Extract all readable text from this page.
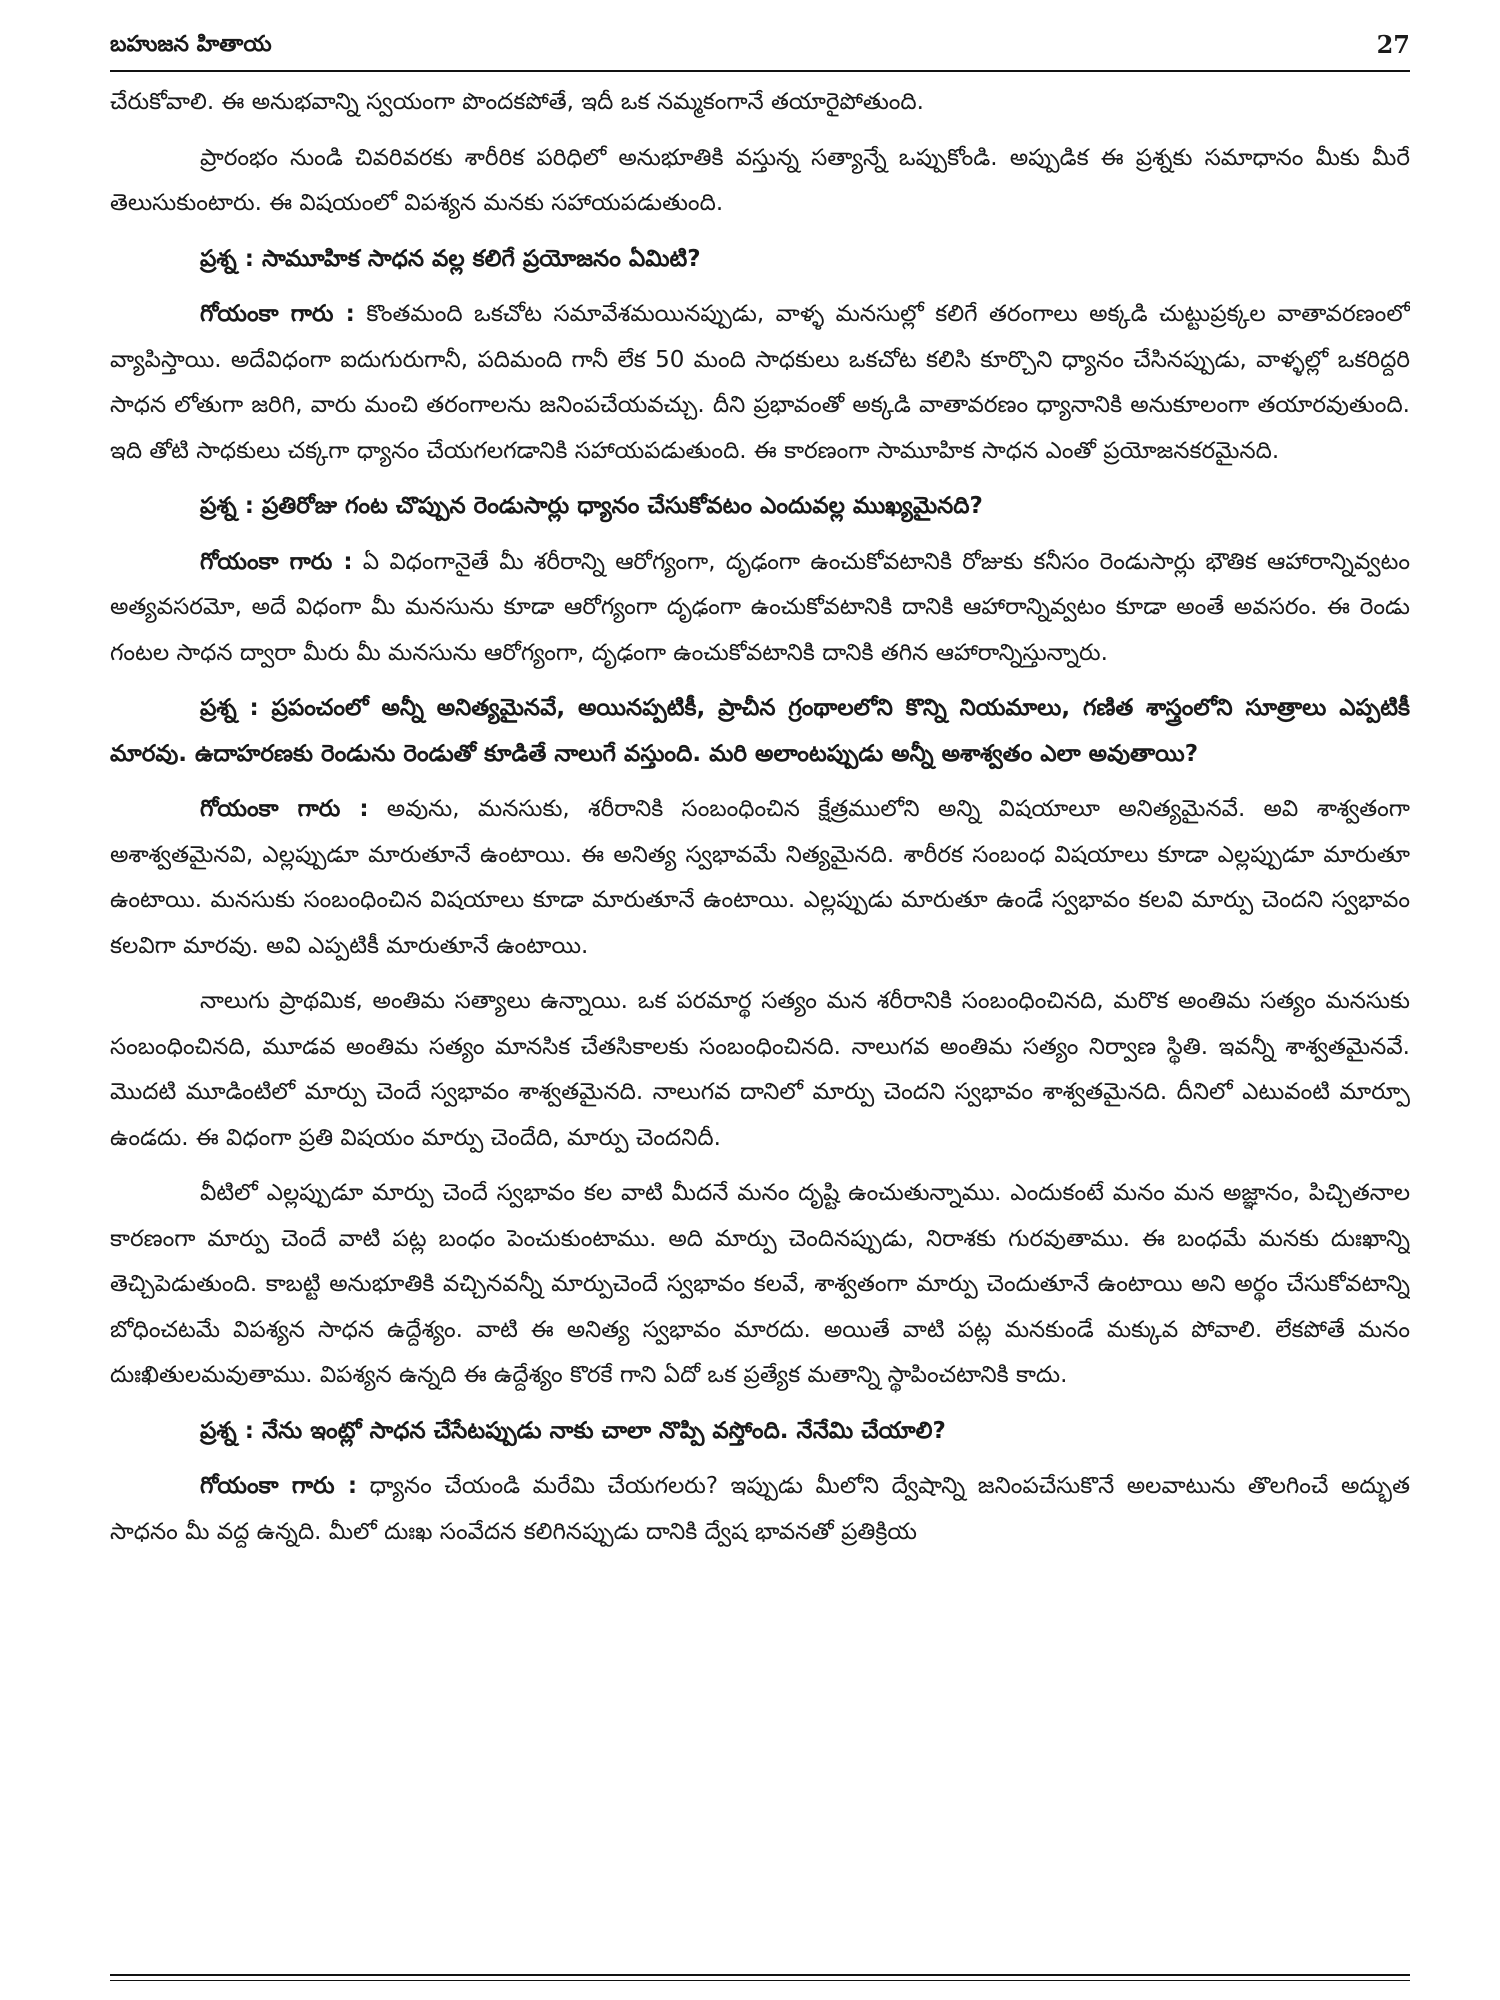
బహుజన హితాయ	27

చేరుకోవాలి. ఈ అనుభవాన్ని స్వయంగా పొందకపోతే, ఇదీ ఒక నమ్మకంగానే తయారైపోతుంది.

ప్రారంభం నుండి చివరివరకు శారీరిక పరిధిలో అనుభూతికి వస్తున్న సత్యాన్నే ఒప్పుకోండి. అప్పుడిక ఈ ప్రశ్నకు సమాధానం మీకు మీరే తెలుసుకుంటారు. ఈ విషయంలో విపశ్యన మనకు సహాయపడుతుంది.

ప్రశ్న : సామూహిక సాధన వల్ల కలిగే ప్రయోజనం ఏమిటి?

గోయంకా గారు : కొంతమంది ఒకచోట సమావేశమయినప్పుడు, వాళ్ళ మనసుల్లో కలిగే తరంగాలు అక్కడి చుట్టుప్రక్కల వాతావరణంలో వ్యాపిస్తాయి. అదేవిధంగా ఐదుగురుగానీ, పదిమంది గానీ లేక 50 మంది సాధకులు ఒకచోట కలిసి కూర్చొని ధ్యానం చేసినప్పుడు, వాళ్ళల్లో ఒకరిద్దరి సాధన లోతుగా జరిగి, వారు మంచి తరంగాలను జనింపచేయవచ్చు. దీని ప్రభావంతో అక్కడి వాతావరణం ధ్యానానికి అనుకూలంగా తయారవుతుంది. ఇది తోటి సాధకులు చక్కగా ధ్యానం చేయగలగడానికి సహాయపడుతుంది. ఈ కారణంగా సామూహిక సాధన ఎంతో ప్రయోజనకరమైనది.

ప్రశ్న : ప్రతిరోజు గంట చొప్పున రెండుసార్లు ధ్యానం చేసుకోవటం ఎందువల్ల ముఖ్యమైనది?

గోయంకా గారు : ఏ విధంగానైతే మీ శరీరాన్ని ఆరోగ్యంగా, దృఢంగా ఉంచుకోవటానికి రోజుకు కనీసం రెండుసార్లు భౌతిక ఆహారాన్నివ్వటం అత్యవసరమో, అదే విధంగా మీ మనసును కూడా ఆరోగ్యంగా దృఢంగా ఉంచుకోవటానికి దానికి ఆహారాన్నివ్వటం కూడా అంతే అవసరం. ఈ రెండు గంటల సాధన ద్వారా మీరు మీ మనసును ఆరోగ్యంగా, దృఢంగా ఉంచుకోవటానికి దానికి తగిన ఆహారాన్నిస్తున్నారు.

ప్రశ్న : ప్రపంచంలో అన్నీ అనిత్యమైనవే, అయినప్పటికీ, ప్రాచీన గ్రంథాలలోని కొన్ని నియమాలు, గణిత శాస్త్రంలోని సూత్రాలు ఎప్పటికీ మారవు. ఉదాహరణకు రెండును రెండుతో కూడితే నాలుగే వస్తుంది. మరి అలాంటప్పుడు అన్నీ అశాశ్వతం ఎలా అవుతాయి?

గోయంకా గారు : అవును, మనసుకు, శరీరానికి సంబంధించిన క్షేత్రములోని అన్ని విషయాలూ అనిత్యమైనవే. అవి శాశ్వతంగా అశాశ్వతమైనవి, ఎల్లప్పుడూ మారుతూనే ఉంటాయి. ఈ అనిత్య స్వభావమే నిత్యమైనది. శారీరక సంబంధ విషయాలు కూడా ఎల్లప్పుడూ మారుతూ ఉంటాయి. మనసుకు సంబంధించిన విషయాలు కూడా మారుతూనే ఉంటాయి. ఎల్లప్పుడు మారుతూ ఉండే స్వభావం కలవి మార్పు చెందని స్వభావం కలవిగా మారవు. అవి ఎప్పటికీ మారుతూనే ఉంటాయి.

నాలుగు ప్రాథమిక, అంతిమ సత్యాలు ఉన్నాయి. ఒక పరమార్థ సత్యం మన శరీరానికి సంబంధించినది, మరొక అంతిమ సత్యం మనసుకు సంబంధించినది, మూడవ అంతిమ సత్యం మానసిక చేతసికాలకు సంబంధించినది. నాలుగవ అంతిమ సత్యం నిర్వాణ స్థితి. ఇవన్నీ శాశ్వతమైనవే. మొదటి మూడింటిలో మార్పు చెందే స్వభావం శాశ్వతమైనది. నాలుగవ దానిలో మార్పు చెందని స్వభావం శాశ్వతమైనది. దీనిలో ఎటువంటి మార్పూ ఉండదు. ఈ విధంగా ప్రతి విషయం మార్పు చెందేది, మార్పు చెందనిదీ.

వీటిలో ఎల్లప్పుడూ మార్పు చెందే స్వభావం కల వాటి మీదనే మనం దృష్టి ఉంచుతున్నాము. ఎందుకంటే మనం మన అజ్ఞానం, పిచ్చితనాల కారణంగా మార్పు చెందే వాటి పట్ల బంధం పెంచుకుంటాము. అది మార్పు చెందినప్పుడు, నిరాశకు గురవుతాము. ఈ బంధమే మనకు దుఃఖాన్ని తెచ్చిపెడుతుంది. కాబట్టి అనుభూతికి వచ్చినవన్నీ మార్పుచెందే స్వభావం కలవే, శాశ్వతంగా మార్పు చెందుతూనే ఉంటాయి అని అర్థం చేసుకోవటాన్ని బోధించటమే విపశ్యన సాధన ఉద్దేశ్యం. వాటి ఈ అనిత్య స్వభావం మారదు. అయితే వాటి పట్ల మనకుండే మక్కువ పోవాలి. లేకపోతే మనం దుఃఖితులమవుతాము. విపశ్యన ఉన్నది ఈ ఉద్దేశ్యం కొరకే గాని ఏదో ఒక ప్రత్యేక మతాన్ని స్థాపించటానికి కాదు.

ప్రశ్న : నేను ఇంట్లో సాధన చేసేటప్పుడు నాకు చాలా నొప్పి వస్తోంది. నేనేమి చేయాలి?

గోయంకా గారు : ధ్యానం చేయండి మరేమి చేయగలరు? ఇప్పుడు మీలోని ద్వేషాన్ని జనింపచేసుకొనే అలవాటును తొలగించే అద్భుత సాధనం మీ వద్ద ఉన్నది. మీలో దుఃఖ సంవేదన కలిగినప్పుడు దానికి ద్వేష భావనతో ప్రతిక్రియ
